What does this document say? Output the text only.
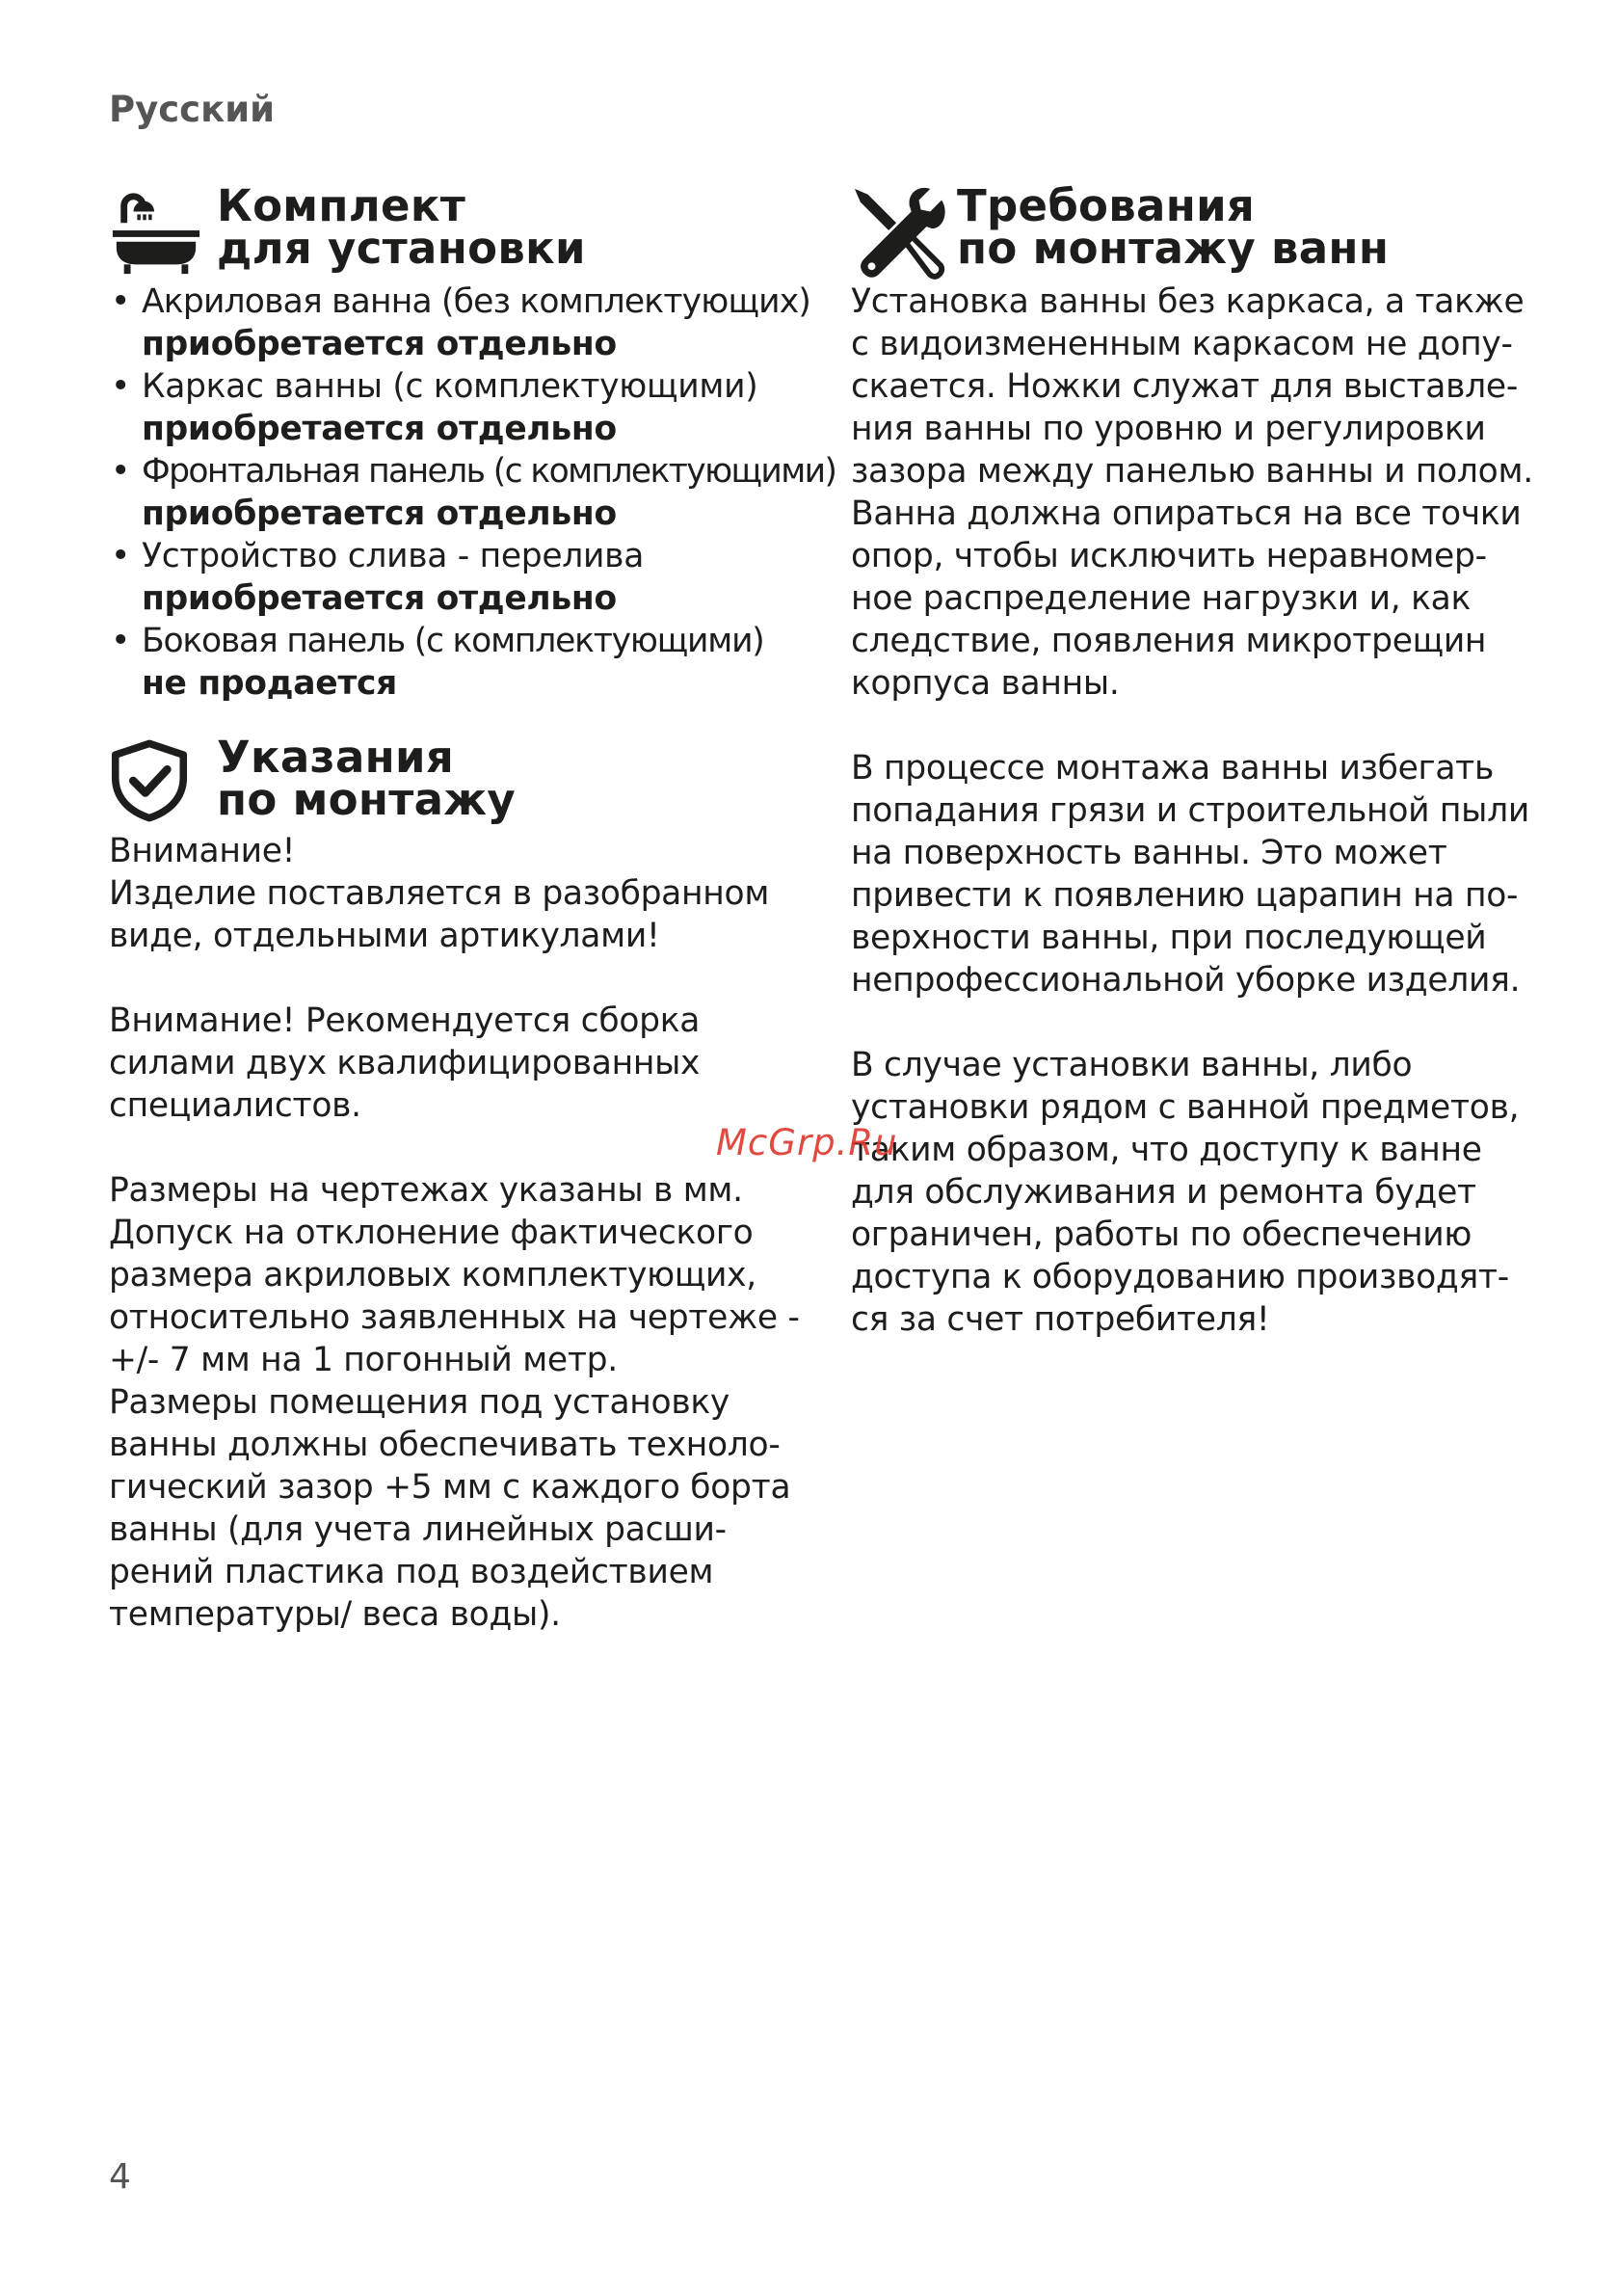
Русский
Комплект
для установки
• Акриловая ванна (без комплектующих)
приобретается отдельно
• Каркас ванны (с комплектующими)
приобретается отдельно
• Фронтальная панель (с комплектующими)
приобретается отдельно
• Устройство слива - перелива
приобретается отдельно
• Боковая панель (с комплектующими)
не продается
Указания
по монтажу

Внимание!
Изделие поставляется в разобранном
виде, отдельными артикулами!

Внимание! Рекомендуется сборка
силами двух квалифицированных
специалистов.

Размеры на чертежах указаны в мм.
Допуск на отклонение фактического
размера акриловых комплектующих,
относительно заявленных на чертеже -
+/- 7 мм на 1 погонный метр.
Размеры помещения под установку
ванны должны обеспечивать техноло-
гический зазор +5 мм с каждого борта
ванны (для учета линейных расши-
рений пластика под воздействием
температуры/ веса воды).

Требования
по монтажу ванн

Установка ванны без каркаса, а также
с видоизмененным каркасом не допу-
скается. Ножки служат для выставле-
ния ванны по уровню и регулировки
зазора между панелью ванны и полом.
Ванна должна опираться на все точки
опор, чтобы исключить неравномер-
ное распределение нагрузки и, как
следствие, появления микротрещин
корпуса ванны.

В процессе монтажа ванны избегать
попадания грязи и строительной пыли
на поверхность ванны. Это может
привести к появлению царапин на по-
верхности ванны, при последующей
непрофессиональной уборке изделия.

В случае установки ванны, либо
установки рядом с ванной предметов,
таким образом, что доступу к ванне
для обслуживания и ремонта будет
ограничен, работы по обеспечению
доступа к оборудованию производят-
ся за счет потребителя!

McGrp.Ru
4
